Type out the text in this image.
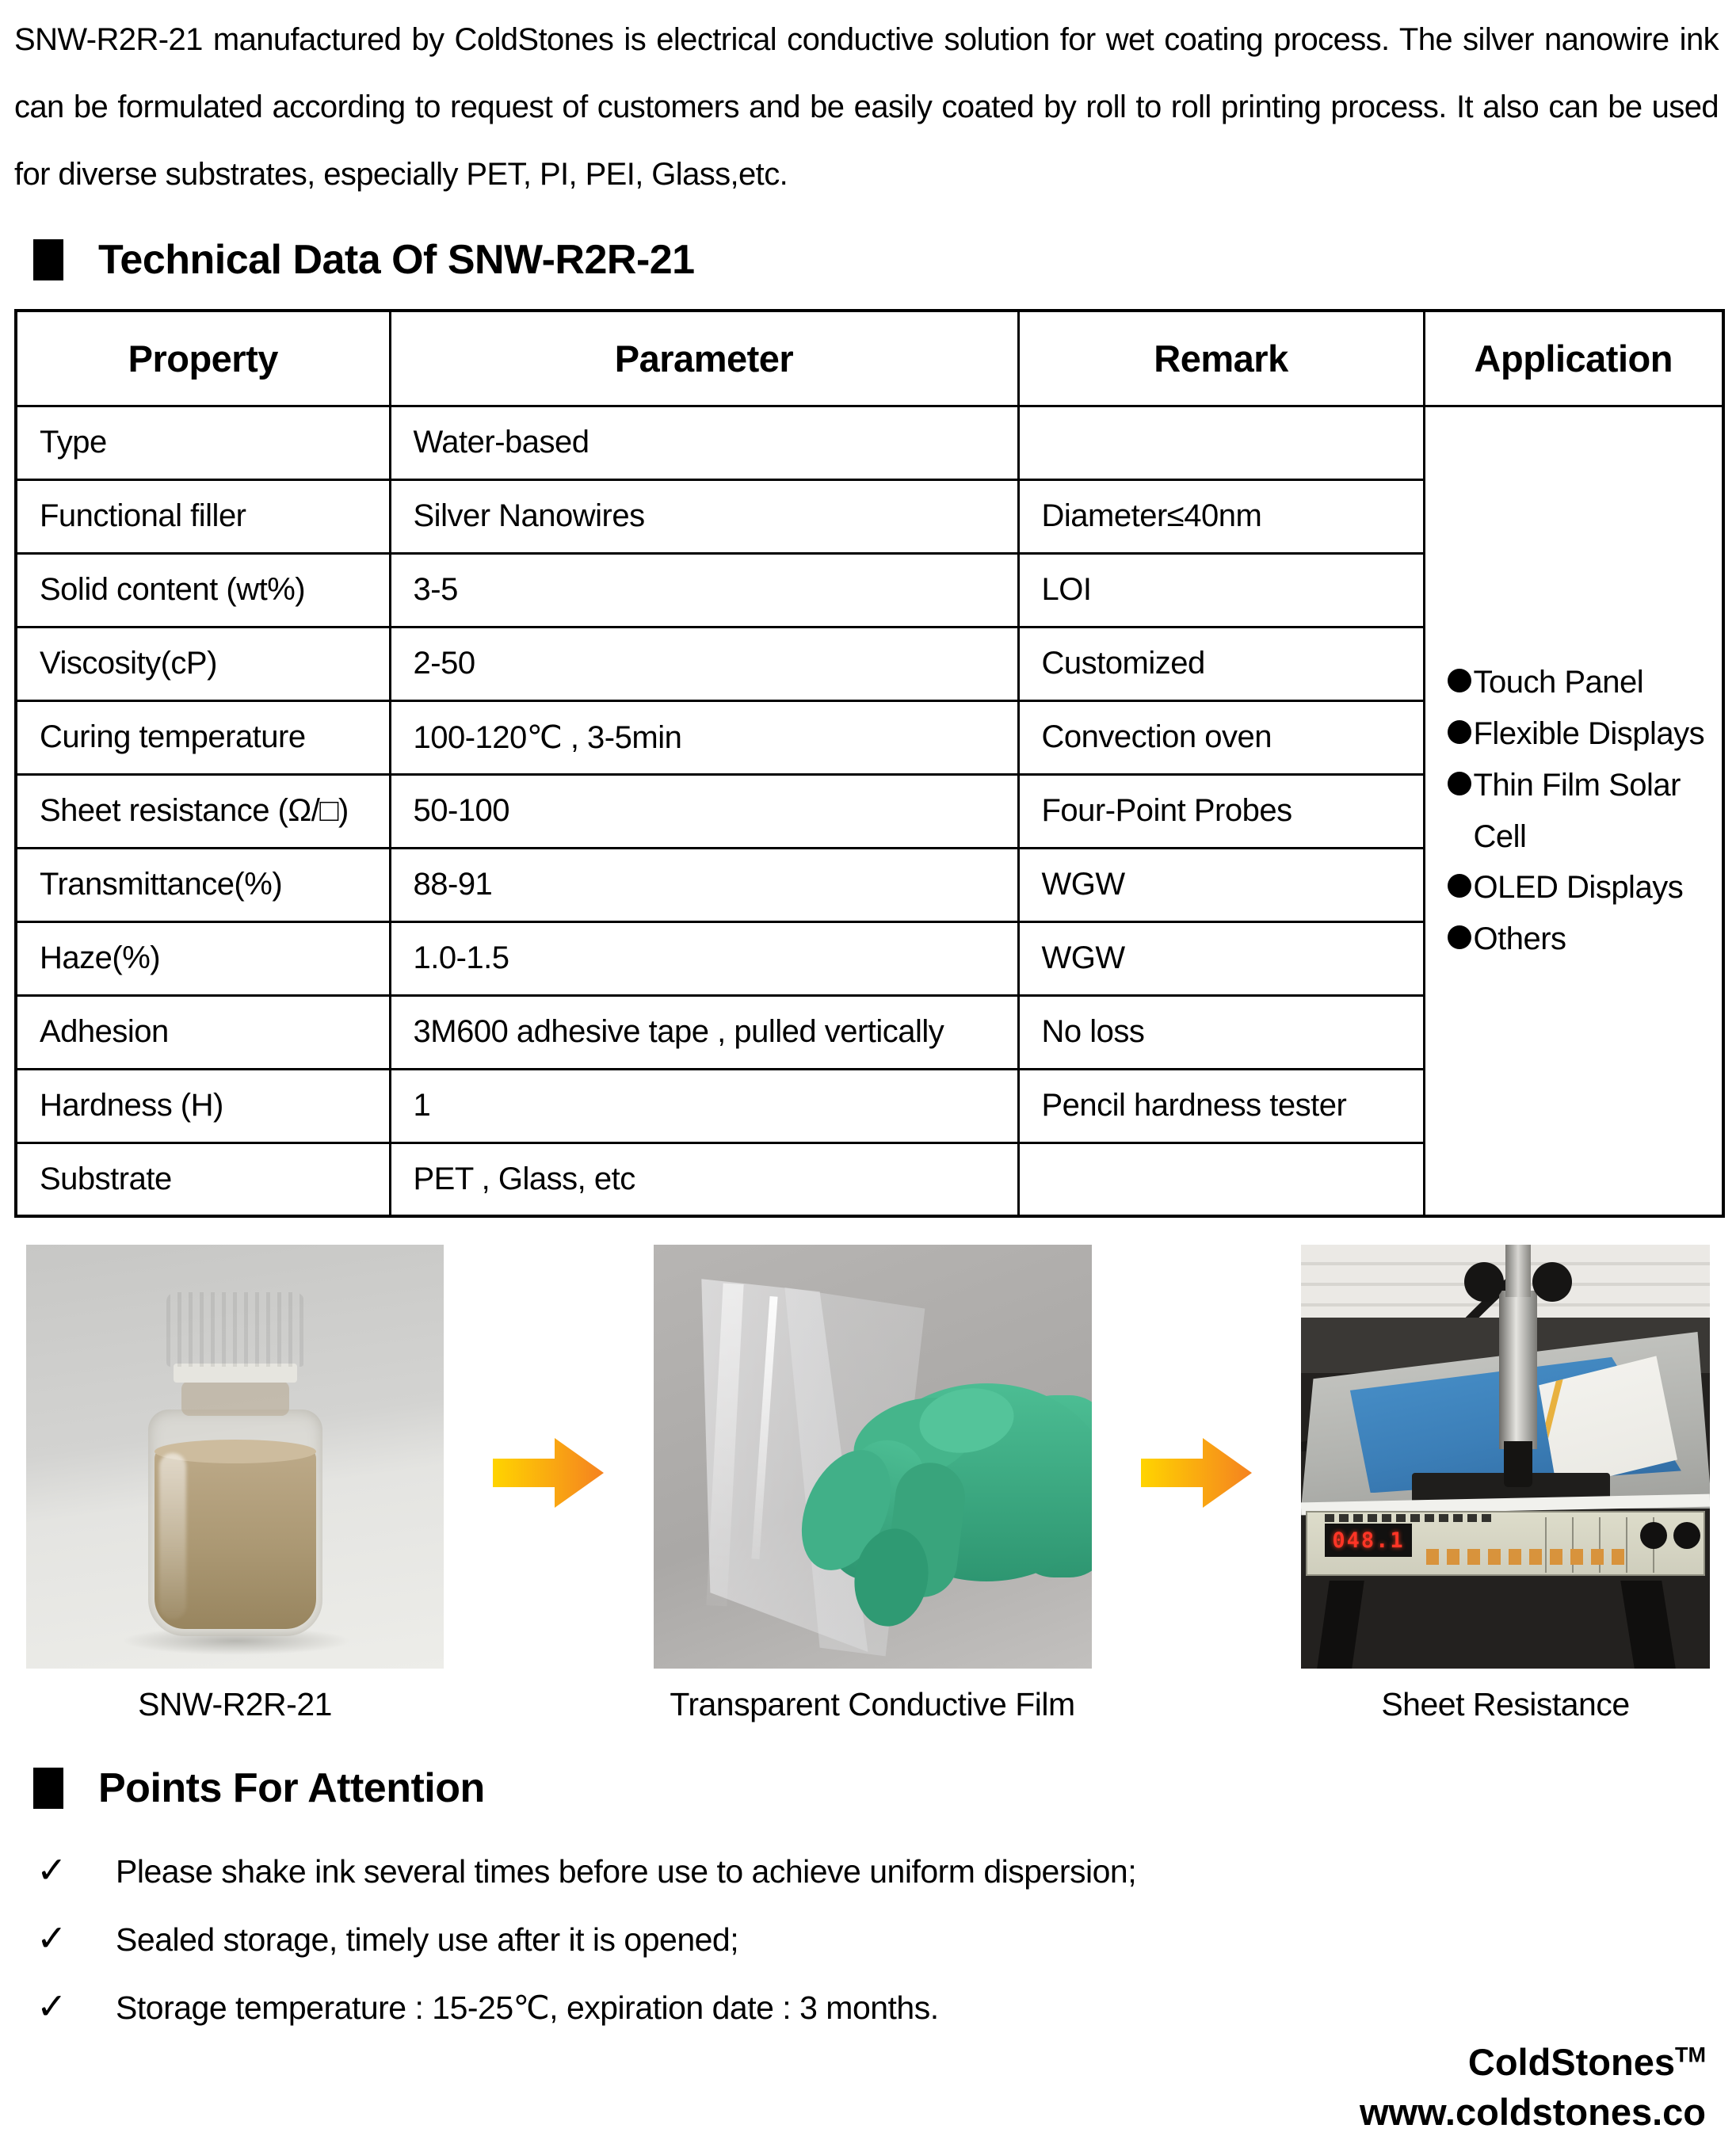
SNW-R2R-21 manufactured by ColdStones is electrical conductive solution for wet coating process. The silver nanowire ink can be formulated according to request of customers and be easily coated by roll to roll printing process. It also can be used for diverse substrates, especially PET, PI, PEI, Glass,etc.

Technical Data Of SNW-R2R-21
Property	Parameter	Remark	Application
Type	Water-based		Touch Panel
Flexible Displays
Thin Film Solar Cell
OLED Displays
Others

Functional filler	Silver Nanowires	Diameter≤40nm	
Solid content (wt%)	3-5	LOI	
Viscosity(cP)	2-50	Customized	
Curing temperature	100-120℃ , 3-5min	Convection oven	
Sheet resistance (Ω/□)	50-100	Four-Point Probes	
Transmittance(%)	88-91	WGW	
Haze(%)	1.0-1.5	WGW	
Adhesion	3M600 adhesive tape , pulled vertically	No loss	
Hardness (H)	1	Pencil hardness tester	
Substrate	PET , Glass, etc		
SNW-R2R-21	Transparent Conductive Film
048.1
Sheet Resistance
Points For Attention
✓ Please shake ink several times before use to achieve uniform dispersion;
✓ Sealed storage, timely use after it is opened;
✓ Storage temperature : 15-25℃, expiration date : 3 months.
ColdStones™
www.coldstones.co
